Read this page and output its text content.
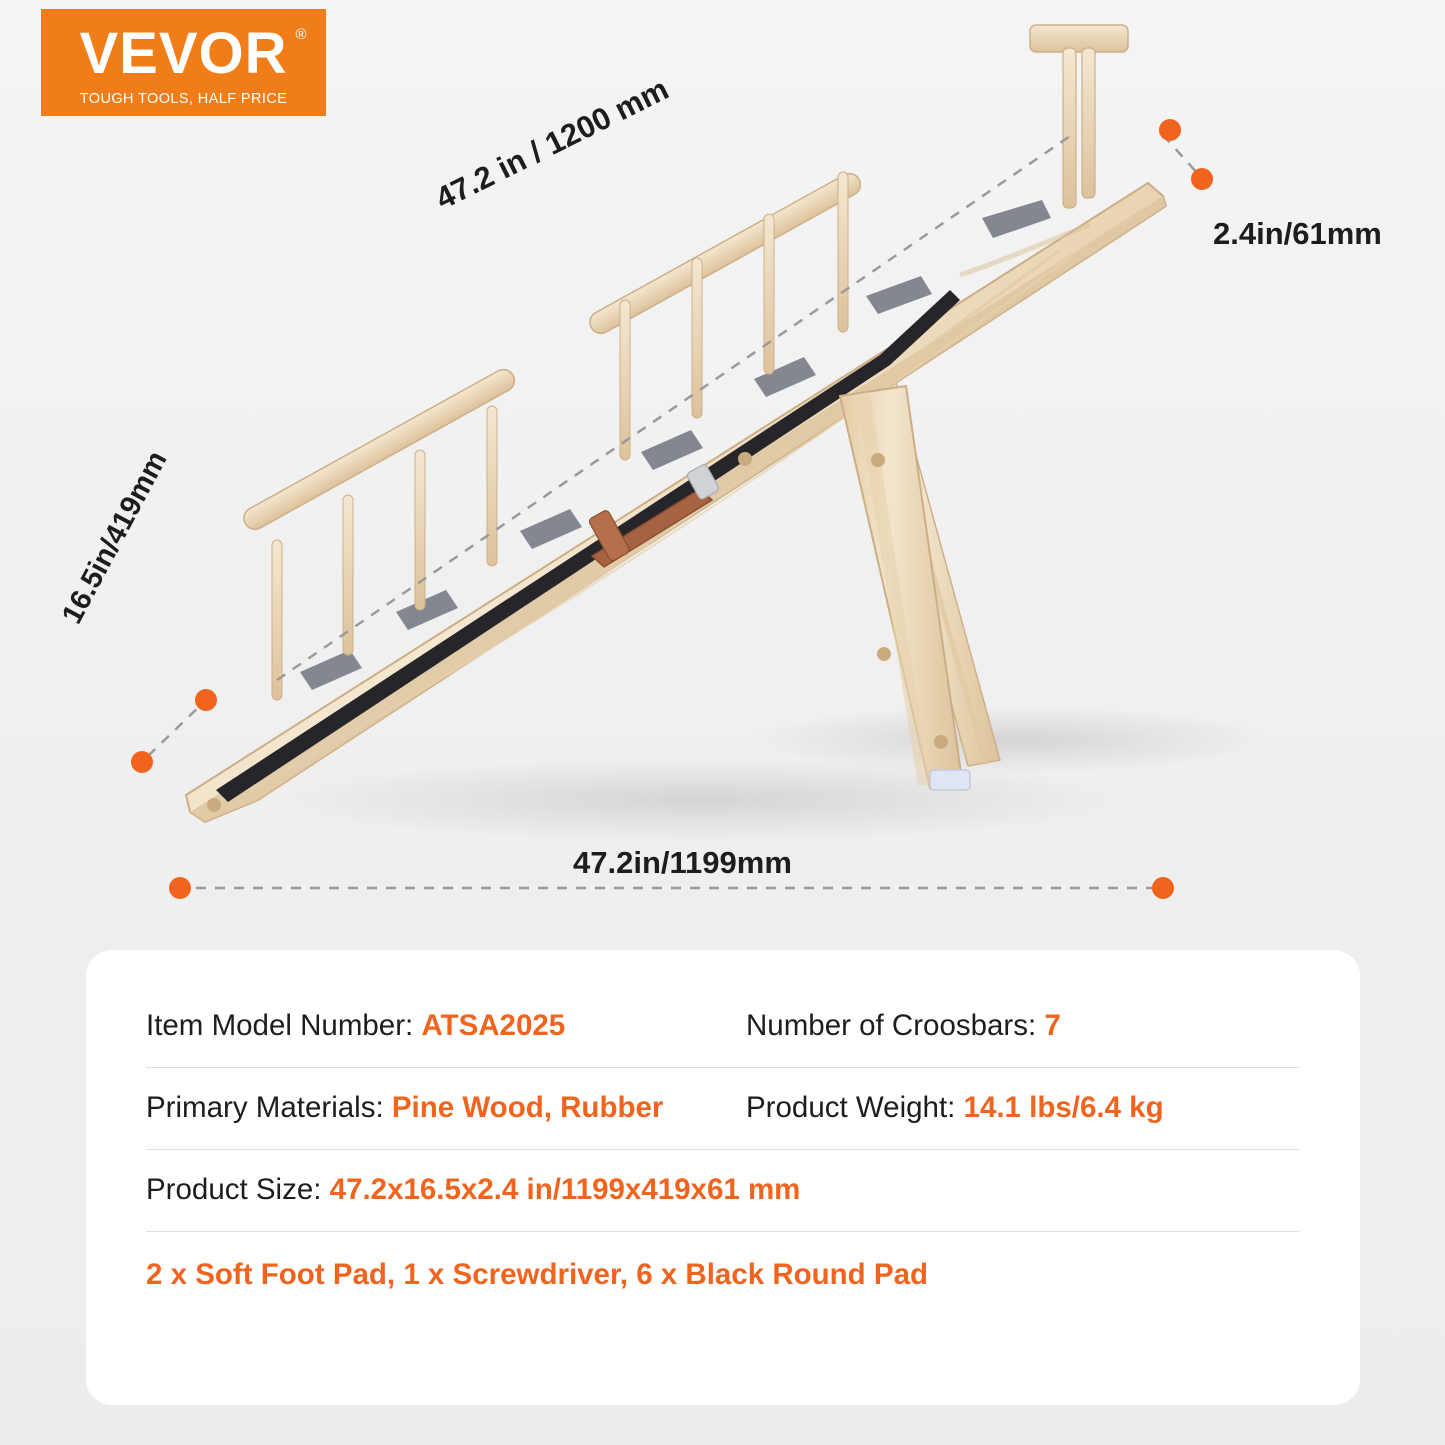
VEVOR ®
TOUGH TOOLS, HALF PRICE	47.2 in / 1200 mm
2.4in/61mm
16.5in/419mm
47.2in/1199mm
Item Model Number: ATSA2025	Number of Croosbars: 7
Primary Materials: Pine Wood, Rubber	Product Weight: 14.1 lbs/6.4 kg
Product Size: 47.2x16.5x2.4 in/1199x419x61 mm
2 x Soft Foot Pad, 1 x Screwdriver, 6 x Black Round Pad
